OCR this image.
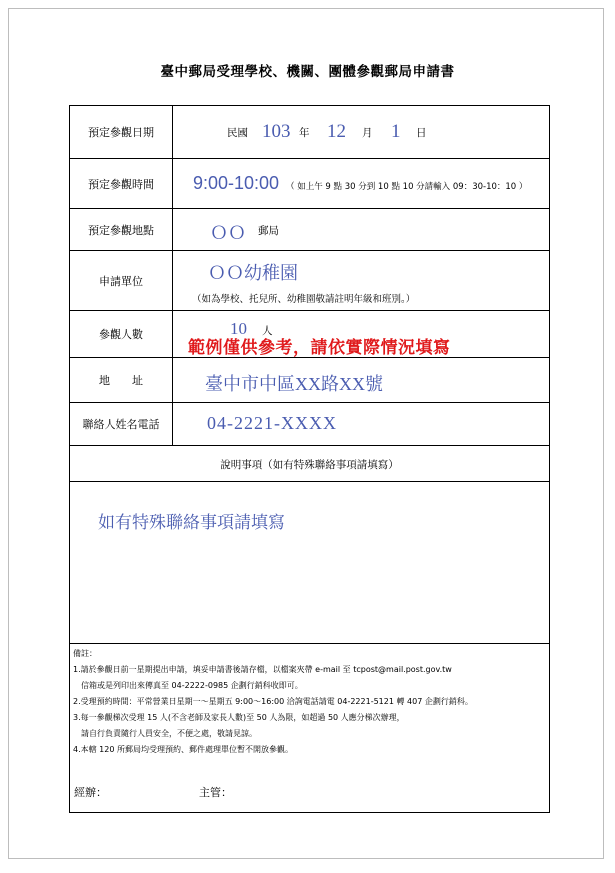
臺中郵局受理學校、機關、團體參觀郵局申請書
預定參觀日期	民國 103 年 12 月 1 日
預定參觀時間	9:00-10:00 （ 如上午 9 點 30 分到 10 點 10 分請輸入 09：30-10：10 ）
預定參觀地點	ＯＯ 郵局
申請單位	ＯＯ幼稚園
（如為學校、托兒所、幼稚園敬請註明年級和班別。）
參觀人數	10 人
範例僅供參考，請依實際情況填寫
地　　址	臺中市中區XX路XX號
聯絡人姓名電話	04-2221-XXXX
說明事項（如有特殊聯絡事項請填寫）
如有特殊聯絡事項請填寫
備註：
1.請於參觀日前一星期提出申請，填妥申請書後請存檔，以檔案夾帶 e-mail 至 tcpost@mail.post.gov.tw
　信箱或是列印出來傳真至 04-2222-0985 企劃行銷科收即可。
2.受理預約時間：平常營業日星期一～星期五 9:00～16:00 洽詢電話請電 04-2221-5121 轉 407 企劃行銷科。
3.每一參觀梯次受理 15 人(不含老師及家長人數)至 50 人為限，如超過 50 人應分梯次辦理，
　請自行負責隨行人員安全，不便之處，敬請見諒。
4.本轄 120 所郵局均受理預約、郵件處理單位暫不開放參觀。
經辦：	主管：
